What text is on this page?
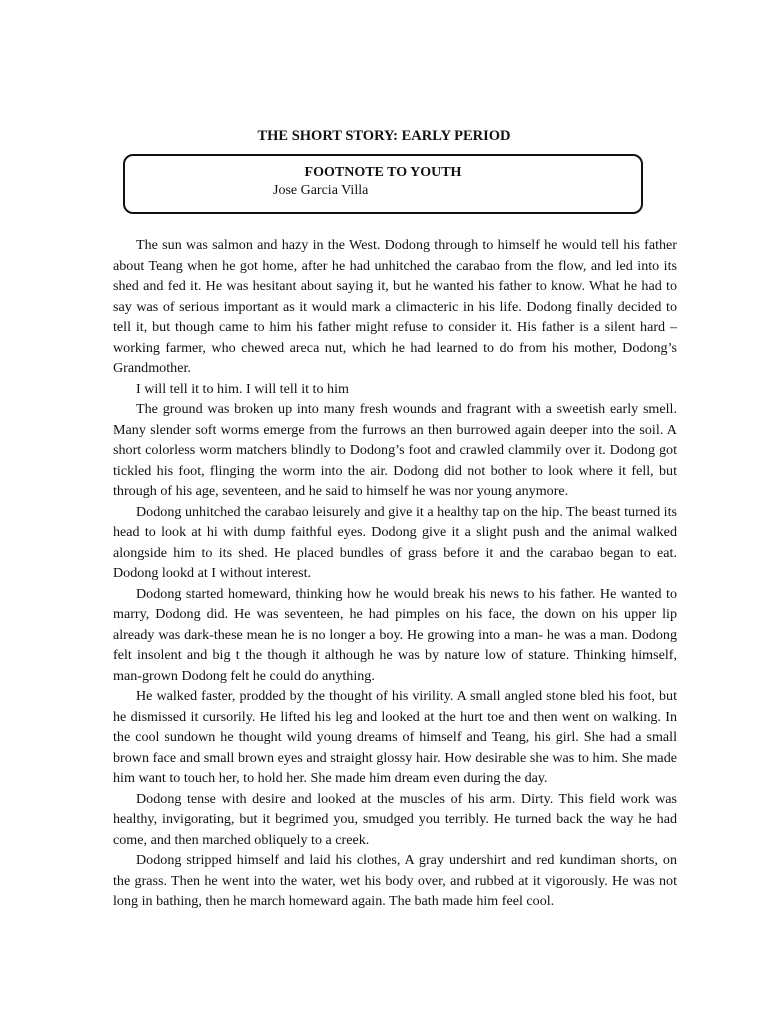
THE SHORT STORY: EARLY PERIOD
FOOTNOTE TO YOUTH
Jose Garcia Villa

The sun was salmon and hazy in the West. Dodong through to himself he would tell his father about Teang when he got home, after he had unhitched the carabao from the flow, and led into its shed and fed it. He was hesitant about saying it, but he wanted his father to know. What he had to say was of serious important as it would mark a climacteric in his life. Dodong finally decided to tell it, but though came to him his father might refuse to consider it. His father is a silent hard – working farmer, who chewed areca nut, which he had learned to do from his mother, Dodong’s Grandmother.

I will tell it to him. I will tell it to him

The ground was broken up into many fresh wounds and fragrant with a sweetish early smell. Many slender soft worms emerge from the furrows an then burrowed again deeper into the soil. A short colorless worm matchers blindly to Dodong’s foot and crawled clammily over it. Dodong got tickled his foot, flinging the worm into the air. Dodong did not bother to look where it fell, but through of his age, seventeen, and he said to himself he was nor young anymore.

Dodong unhitched the carabao leisurely and give it a healthy tap on the hip. The beast turned its head to look at hi with dump faithful eyes. Dodong give it a slight push and the animal walked alongside him to its shed. He placed bundles of grass before it and the carabao began to eat. Dodong lookd at I without interest.

Dodong started homeward, thinking how he would break his news to his father. He wanted to marry, Dodong did. He was seventeen, he had pimples on his face, the down on his upper lip already was dark-these mean he is no longer a boy. He growing into a man- he was a man. Dodong felt insolent and big t the though it although he was by nature low of stature. Thinking himself, man-grown Dodong felt he could do anything.

He walked faster, prodded by the thought of his virility. A small angled stone bled his foot, but he dismissed it cursorily. He lifted his leg and looked at the hurt toe and then went on walking. In the cool sundown he thought wild young dreams of himself and Teang, his girl. She had a small brown face and small brown eyes and straight glossy hair. How desirable she was to him. She made him want to touch her, to hold her. She made him dream even during the day.

Dodong tense with desire and looked at the muscles of his arm. Dirty. This field work was healthy, invigorating, but it begrimed you, smudged you terribly. He turned back the way he had come, and then marched obliquely to a creek.

Dodong stripped himself and laid his clothes, A gray undershirt and red kundiman shorts, on the grass. Then he went into the water, wet his body over, and rubbed at it vigorously. He was not long in bathing, then he march homeward again. The bath made him feel cool.
